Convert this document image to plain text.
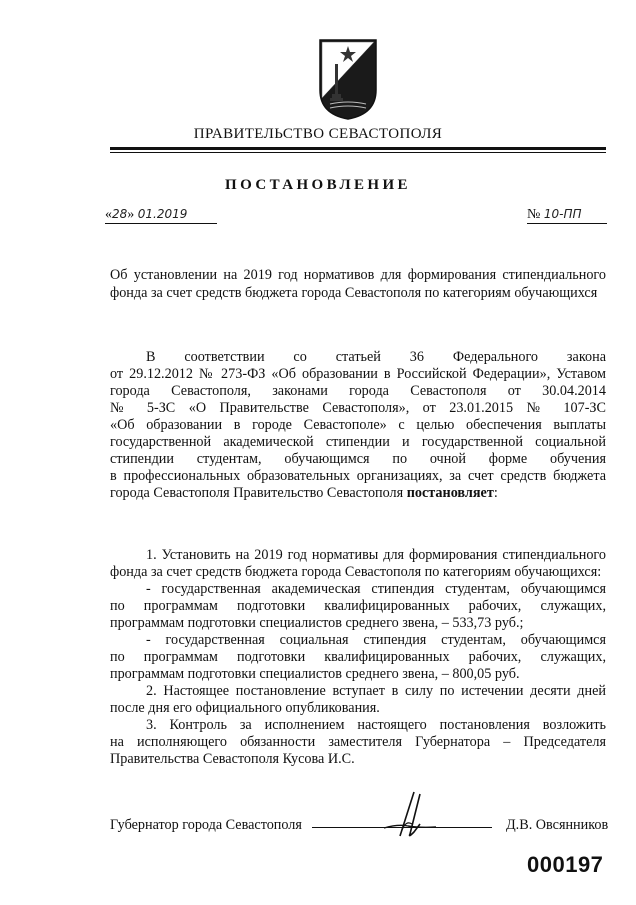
ПРАВИТЕЛЬСТВО СЕВАСТОПОЛЯ
ПОСТАНОВЛЕНИЕ
«28» 01.2019	№ 10-ПП

Об установлении на 2019 год нормативов для формирования стипендиального

фонда за счет средств бюджета города Севастополя по категориям обучающихся

В соответствии со статьей 36 Федерального закона

от 29.12.2012 № 273-ФЗ «Об образовании в Российской Федерации», Уставом

города Севастополя, законами города Севастополя от 30.04.2014

№ 5-ЗС «О Правительстве Севастополя», от 23.01.2015 № 107-ЗС

«Об образовании в городе Севастополе» с целью обеспечения выплаты

государственной академической стипендии и государственной социальной

стипендии студентам, обучающимся по очной форме обучения

в профессиональных образовательных организациях, за счет средств бюджета

города Севастополя Правительство Севастополя постановляет:

1. Установить на 2019 год нормативы для формирования стипендиального

фонда за счет средств бюджета города Севастополя по категориям обучающихся:

- государственная академическая стипендия студентам, обучающимся

по программам подготовки квалифицированных рабочих, служащих,

программам подготовки специалистов среднего звена, – 533,73 руб.;

- государственная социальная стипендия студентам, обучающимся

по программам подготовки квалифицированных рабочих, служащих,

программам подготовки специалистов среднего звена, – 800,05 руб.

2. Настоящее постановление вступает в силу по истечении десяти дней

после дня его официального опубликования.

3. Контроль за исполнением настоящего постановления возложить

на исполняющего обязанности заместителя Губернатора – Председателя

Правительства Севастополя Кусова И.С.

Губернатор города Севастополя	Д.В. Овсянников
000197
